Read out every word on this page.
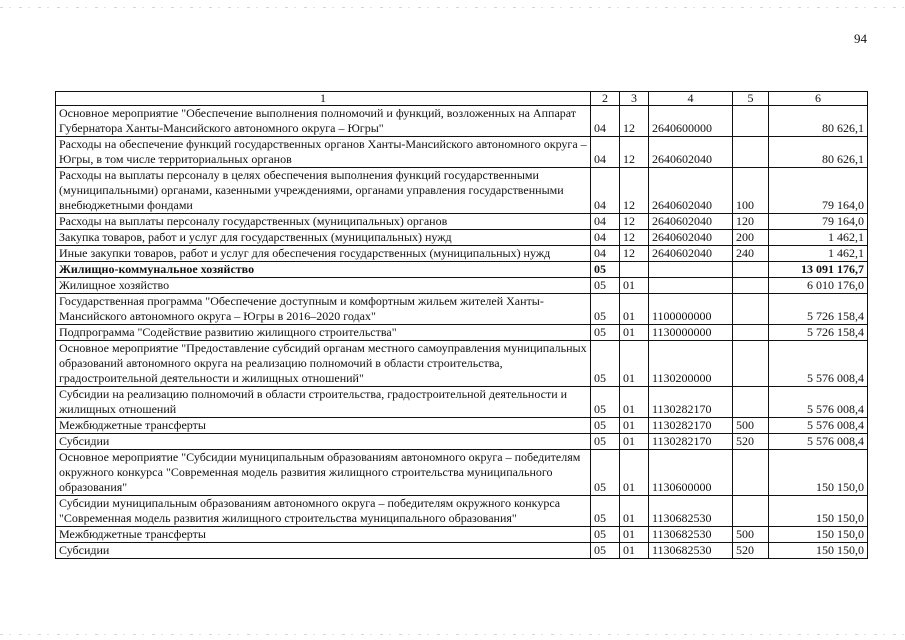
94
1	2	3	4	5	6
Основное мероприятие "Обеспечение выполнения полномочий и функций, возложенных на Аппарат Губернатора Ханты-Мансийского автономного округа – Югры"	04	12	2640600000		80 626,1
Расходы на обеспечение функций государственных органов Ханты-Мансийского автономного округа – Югры, в том числе территориальных органов	04	12	2640602040		80 626,1
Расходы на выплаты персоналу в целях обеспечения выполнения функций государственными (муниципальными) органами, казенными учреждениями, органами управления государственными внебюджетными фондами	04	12	2640602040	100	79 164,0
Расходы на выплаты персоналу государственных (муниципальных) органов	04	12	2640602040	120	79 164,0
Закупка товаров, работ и услуг для государственных (муниципальных) нужд	04	12	2640602040	200	1 462,1
Иные закупки товаров, работ и услуг для обеспечения государственных (муниципальных) нужд	04	12	2640602040	240	1 462,1
Жилищно-коммунальное хозяйство	05				13 091 176,7
Жилищное хозяйство	05	01			6 010 176,0
Государственная программа "Обеспечение доступным и комфортным жильем жителей Ханты-Мансийского автономного округа – Югры в 2016–2020 годах"	05	01	1100000000		5 726 158,4
Подпрограмма "Содействие развитию жилищного строительства"	05	01	1130000000		5 726 158,4
Основное мероприятие "Предоставление субсидий органам местного самоуправления муниципальных образований автономного округа на реализацию полномочий в области строительства, градостроительной деятельности и жилищных отношений"	05	01	1130200000		5 576 008,4
Субсидии на реализацию полномочий в области строительства, градостроительной деятельности и жилищных отношений	05	01	1130282170		5 576 008,4
Межбюджетные трансферты	05	01	1130282170	500	5 576 008,4
Субсидии	05	01	1130282170	520	5 576 008,4
Основное мероприятие "Субсидии муниципальным образованиям автономного округа – победителям окружного конкурса "Современная модель развития жилищного строительства муниципального образования"	05	01	1130600000		150 150,0
Субсидии муниципальным образованиям автономного округа – победителям окружного конкурса "Современная модель развития жилищного строительства муниципального образования"	05	01	1130682530		150 150,0
Межбюджетные трансферты	05	01	1130682530	500	150 150,0
Субсидии	05	01	1130682530	520	150 150,0
